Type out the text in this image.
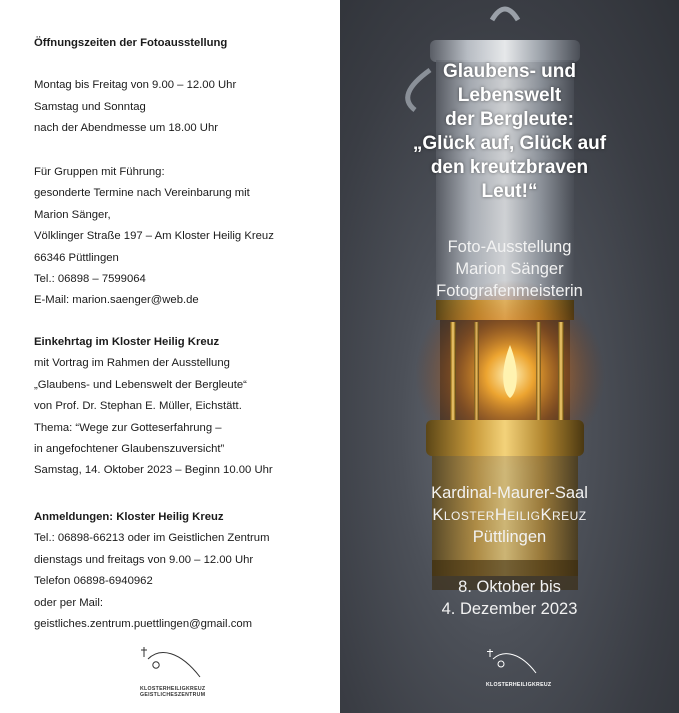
Öffnungszeiten der Fotoausstellung
Montag bis Freitag von 9.00 – 12.00 Uhr
Samstag und Sonntag
nach der Abendmesse um 18.00 Uhr
Für Gruppen mit Führung:
gesonderte Termine nach Vereinbarung mit
Marion Sänger,
Völklinger Straße 197 – Am Kloster Heilig Kreuz
66346 Püttlingen
Tel.: 06898 – 7599064
E-Mail: marion.saenger@web.de
Einkehrtag im Kloster Heilig Kreuz
mit Vortrag im Rahmen der Ausstellung
„Glaubens- und Lebenswelt der Bergleute“
von Prof. Dr. Stephan E. Müller, Eichstätt.
Thema: “Wege zur Gotteserfahrung –
in angefochtener Glaubenszuversicht”
Samstag, 14. Oktober 2023 – Beginn 10.00 Uhr
Anmeldungen: Kloster Heilig Kreuz
Tel.: 06898-66213 oder im Geistlichen Zentrum
dienstags und freitags von 9.00 – 12.00 Uhr
Telefon 06898-6940962
oder per Mail:
geistliches.zentrum.puettlingen@gmail.com
KLOSTERHEILIGKREUZ
GEISTLICHESZENTRUM
Glaubens- und
Lebenswelt
der Bergleute:
„Glück auf, Glück auf
den kreutzbraven
Leut!“
Foto-Ausstellung
Marion Sänger
Fotografenmeisterin
Kardinal-Maurer-Saal
KlosterHeiligKreuz
Püttlingen
8. Oktober bis
4. Dezember 2023
KLOSTERHEILIGKREUZ
